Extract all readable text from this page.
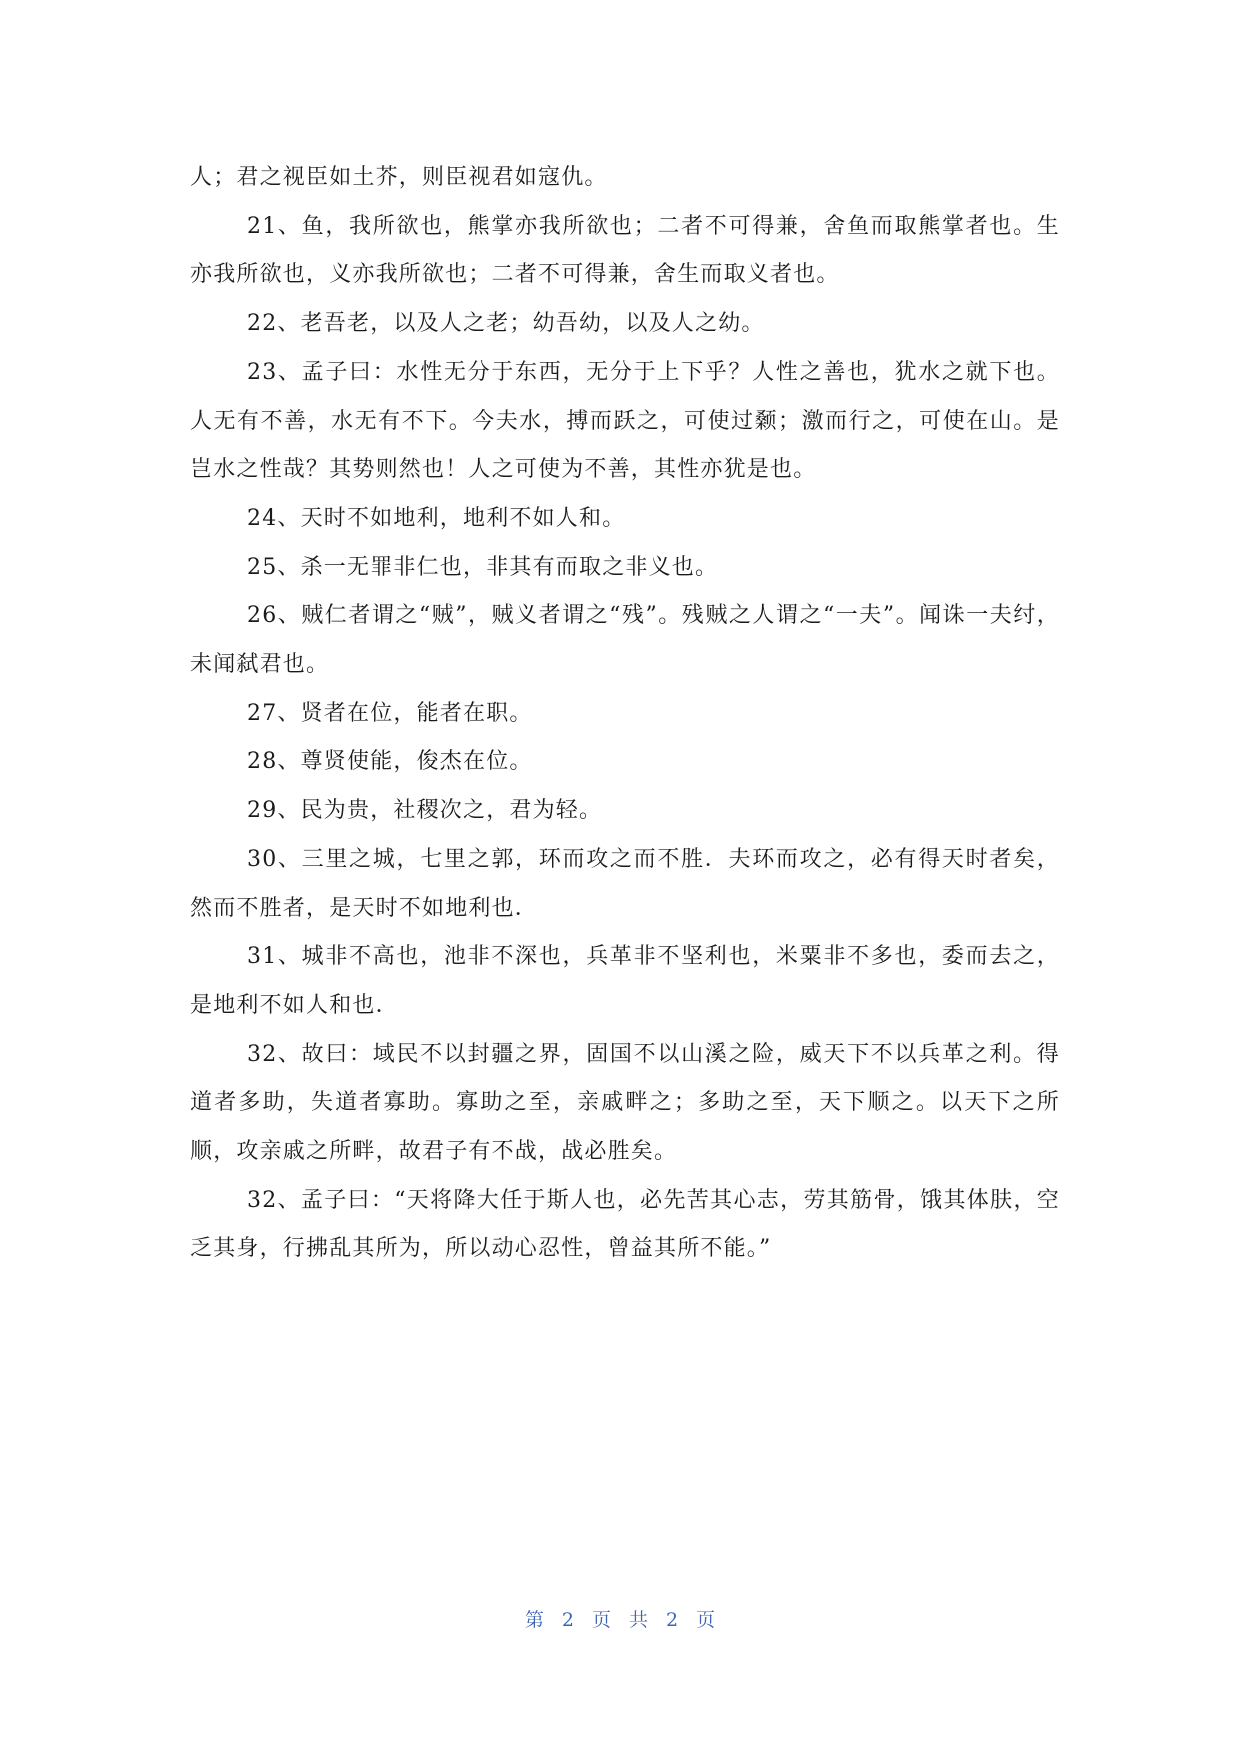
人；君之视臣如土芥，则臣视君如寇仇。

21、鱼，我所欲也，熊掌亦我所欲也；二者不可得兼，舍鱼而取熊掌者也。生亦我所欲也，义亦我所欲也；二者不可得兼，舍生而取义者也。

22、老吾老，以及人之老；幼吾幼，以及人之幼。

23、孟子曰：水性无分于东西，无分于上下乎？人性之善也，犹水之就下也。人无有不善，水无有不下。今夫水，搏而跃之，可使过颡；激而行之，可使在山。是岂水之性哉？其势则然也！人之可使为不善，其性亦犹是也。

24、天时不如地利，地利不如人和。

25、杀一无罪非仁也，非其有而取之非义也。

26、贼仁者谓之“贼”，贼义者谓之“残”。残贼之人谓之“一夫”。闻诛一夫纣，未闻弑君也。

27、贤者在位，能者在职。

28、尊贤使能，俊杰在位。

29、民为贵，社稷次之，君为轻。

30、三里之城，七里之郭，环而攻之而不胜．夫环而攻之，必有得天时者矣，然而不胜者，是天时不如地利也．

31、城非不高也，池非不深也，兵革非不坚利也，米粟非不多也，委而去之，是地利不如人和也．

32、故曰：域民不以封疆之界，固国不以山溪之险，威天下不以兵革之利。得道者多助，失道者寡助。寡助之至，亲戚畔之；多助之至，天下顺之。以天下之所顺，攻亲戚之所畔，故君子有不战，战必胜矣。

32、孟子曰：“天将降大任于斯人也，必先苦其心志，劳其筋骨，饿其体肤，空乏其身，行拂乱其所为，所以动心忍性，曾益其所不能。”

第 2 页 共 2 页
